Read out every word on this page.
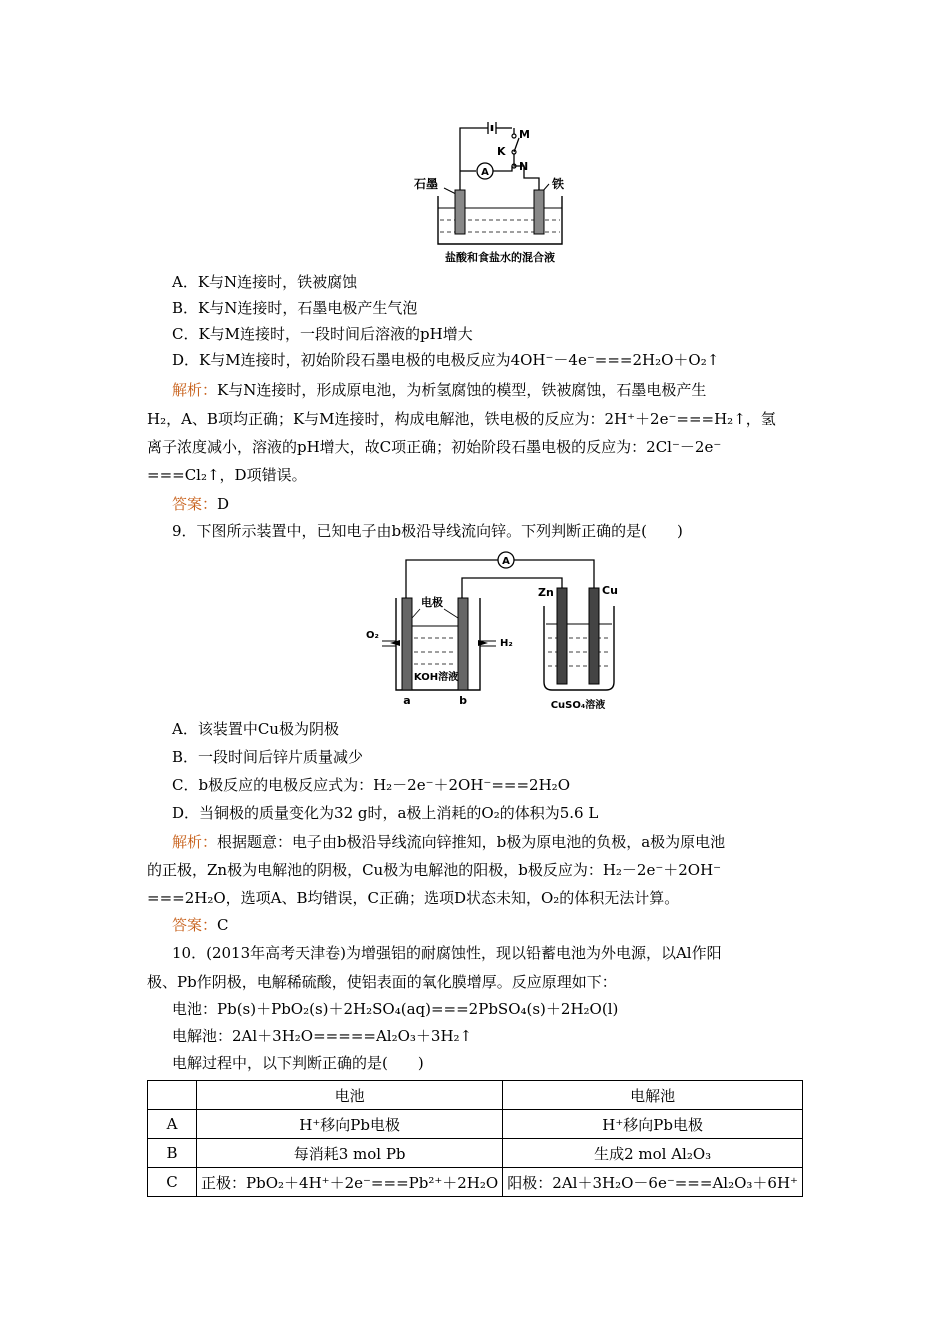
A
M
K
N
石墨	铁
盐酸和食盐水的混合液
A．K与N连接时，铁被腐蚀
B．K与N连接时，石墨电极产生气泡
C．K与M连接时，一段时间后溶液的pH增大
D．K与M连接时，初始阶段石墨电极的电极反应为4OH⁻－4e⁻===2H₂O＋O₂↑
解析：K与N连接时，形成原电池，为析氢腐蚀的模型，铁被腐蚀，石墨电极产生
H₂，A、B项均正确；K与M连接时，构成电解池，铁电极的反应为：2H⁺＋2e⁻===H₂↑，氢
离子浓度减小，溶液的pH增大，故C项正确；初始阶段石墨电极的反应为：2Cl⁻－2e⁻
===Cl₂↑，D项错误。
答案：D
9．下图所示装置中，已知电子由b极沿导线流向锌。下列判断正确的是(　　)
A
电极
O₂
H₂
KOH溶液
a	b
Zn	Cu
CuSO₄溶液
A．该装置中Cu极为阴极
B．一段时间后锌片质量减少
C．b极反应的电极反应式为：H₂－2e⁻＋2OH⁻===2H₂O
D．当铜极的质量变化为32 g时，a极上消耗的O₂的体积为5.6 L
解析：根据题意：电子由b极沿导线流向锌推知，b极为原电池的负极，a极为原电池
的正极，Zn极为电解池的阴极，Cu极为电解池的阳极，b极反应为：H₂－2e⁻＋2OH⁻
===2H₂O，选项A、B均错误，C正确；选项D状态未知，O₂的体积无法计算。
答案：C
10．(2013年高考天津卷)为增强铝的耐腐蚀性，现以铅蓄电池为外电源，以Al作阳
极、Pb作阴极，电解稀硫酸，使铝表面的氧化膜增厚。反应原理如下：
电池：Pb(s)＋PbO₂(s)＋2H₂SO₄(aq)===2PbSO₄(s)＋2H₂O(l)
电解池：2Al＋3H₂O=====Al₂O₃＋3H₂↑
电解过程中，以下判断正确的是(　　)
	电池	电解池
A	H⁺移向Pb电极	H⁺移向Pb电极
B	每消耗3 mol Pb	生成2 mol Al₂O₃
C	正极：PbO₂＋4H⁺＋2e⁻===Pb²⁺＋2H₂O	阳极：2Al＋3H₂O－6e⁻===Al₂O₃＋6H⁺
